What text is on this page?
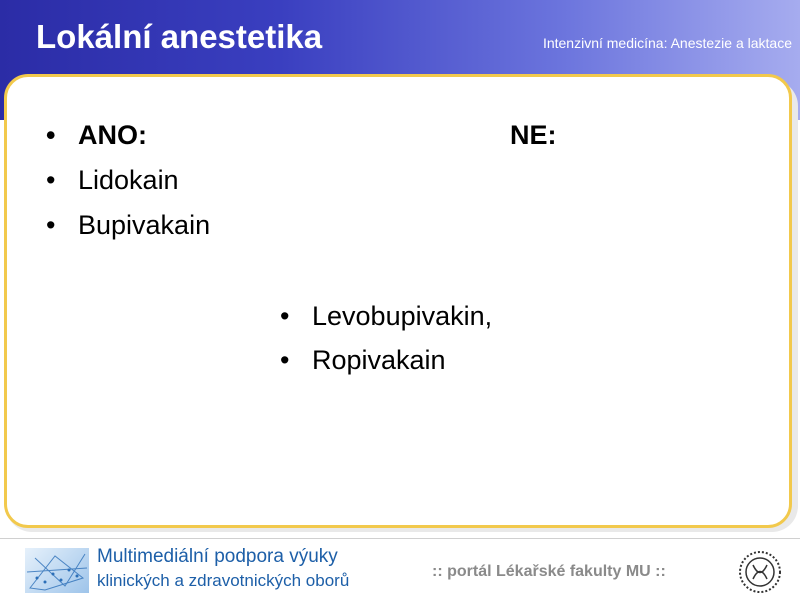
Lokální anestetika	Intenzivní medicína: Anestezie a laktace
• ANO:
• Lidokain
• Bupivakain
NE:
• Levobupivakin,
• Ropivakain
Multimediální podpora výuky
klinických a zdravotnických oborů	:: portál Lékařské fakulty MU ::
